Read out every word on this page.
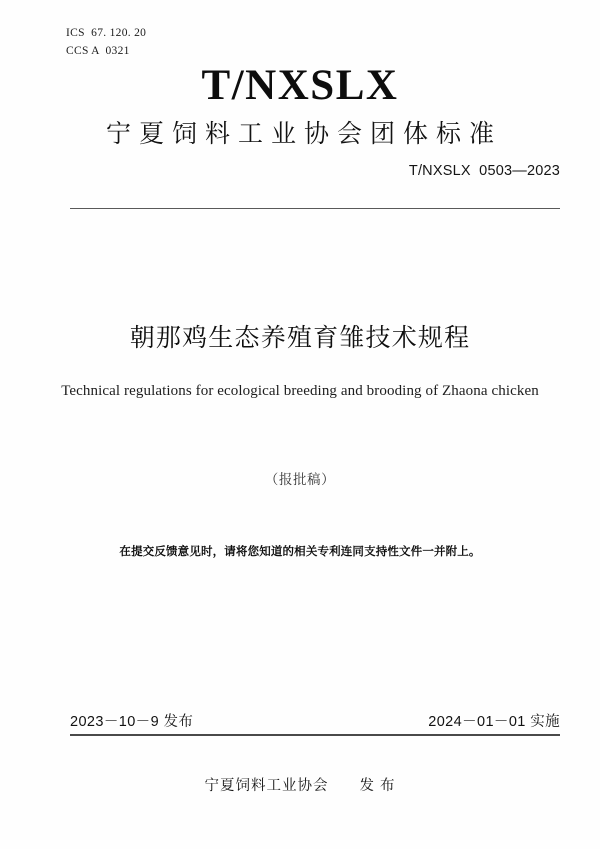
ICS  67. 120. 20
CCS A  0321
T/NXSLX
宁夏饲料工业协会团体标准
T/NXSLX  0503—2023
朝那鸡生态养殖育雏技术规程
Technical regulations for ecological breeding and brooding of Zhaona chicken
（报批稿）
在提交反馈意见时，请将您知道的相关专利连同支持性文件一并附上。
2023－10－9 发布	2024－01－01 实施
宁夏饲料工业协会　　发 布
